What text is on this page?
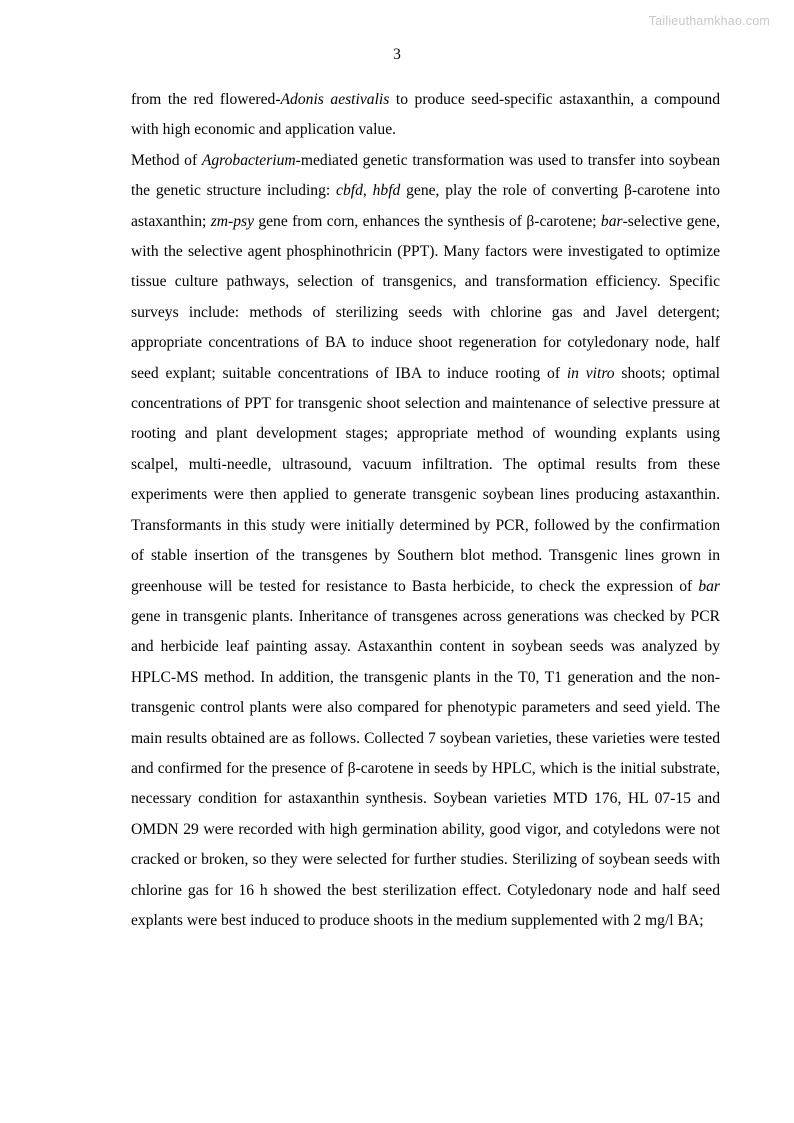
Tailieuthamkhao.com
3

from the red flowered-Adonis aestivalis to produce seed-specific astaxanthin, a compound with high economic and application value.

Method of Agrobacterium-mediated genetic transformation was used to transfer into soybean the genetic structure including: cbfd, hbfd gene, play the role of converting β-carotene into astaxanthin; zm-psy gene from corn, enhances the synthesis of β-carotene; bar-selective gene, with the selective agent phosphinothricin (PPT). Many factors were investigated to optimize tissue culture pathways, selection of transgenics, and transformation efficiency. Specific surveys include: methods of sterilizing seeds with chlorine gas and Javel detergent; appropriate concentrations of BA to induce shoot regeneration for cotyledonary node, half seed explant; suitable concentrations of IBA to induce rooting of in vitro shoots; optimal concentrations of PPT for transgenic shoot selection and maintenance of selective pressure at rooting and plant development stages; appropriate method of wounding explants using scalpel, multi-needle, ultrasound, vacuum infiltration. The optimal results from these experiments were then applied to generate transgenic soybean lines producing astaxanthin. Transformants in this study were initially determined by PCR, followed by the confirmation of stable insertion of the transgenes by Southern blot method. Transgenic lines grown in greenhouse will be tested for resistance to Basta herbicide, to check the expression of bar gene in transgenic plants. Inheritance of transgenes across generations was checked by PCR and herbicide leaf painting assay. Astaxanthin content in soybean seeds was analyzed by HPLC-MS method. In addition, the transgenic plants in the T0, T1 generation and the non-transgenic control plants were also compared for phenotypic parameters and seed yield. The main results obtained are as follows. Collected 7 soybean varieties, these varieties were tested and confirmed for the presence of β-carotene in seeds by HPLC, which is the initial substrate, necessary condition for astaxanthin synthesis. Soybean varieties MTD 176, HL 07-15 and OMDN 29 were recorded with high germination ability, good vigor, and cotyledons were not cracked or broken, so they were selected for further studies. Sterilizing of soybean seeds with chlorine gas for 16 h showed the best sterilization effect. Cotyledonary node and half seed explants were best induced to produce shoots in the medium supplemented with 2 mg/l BA;
